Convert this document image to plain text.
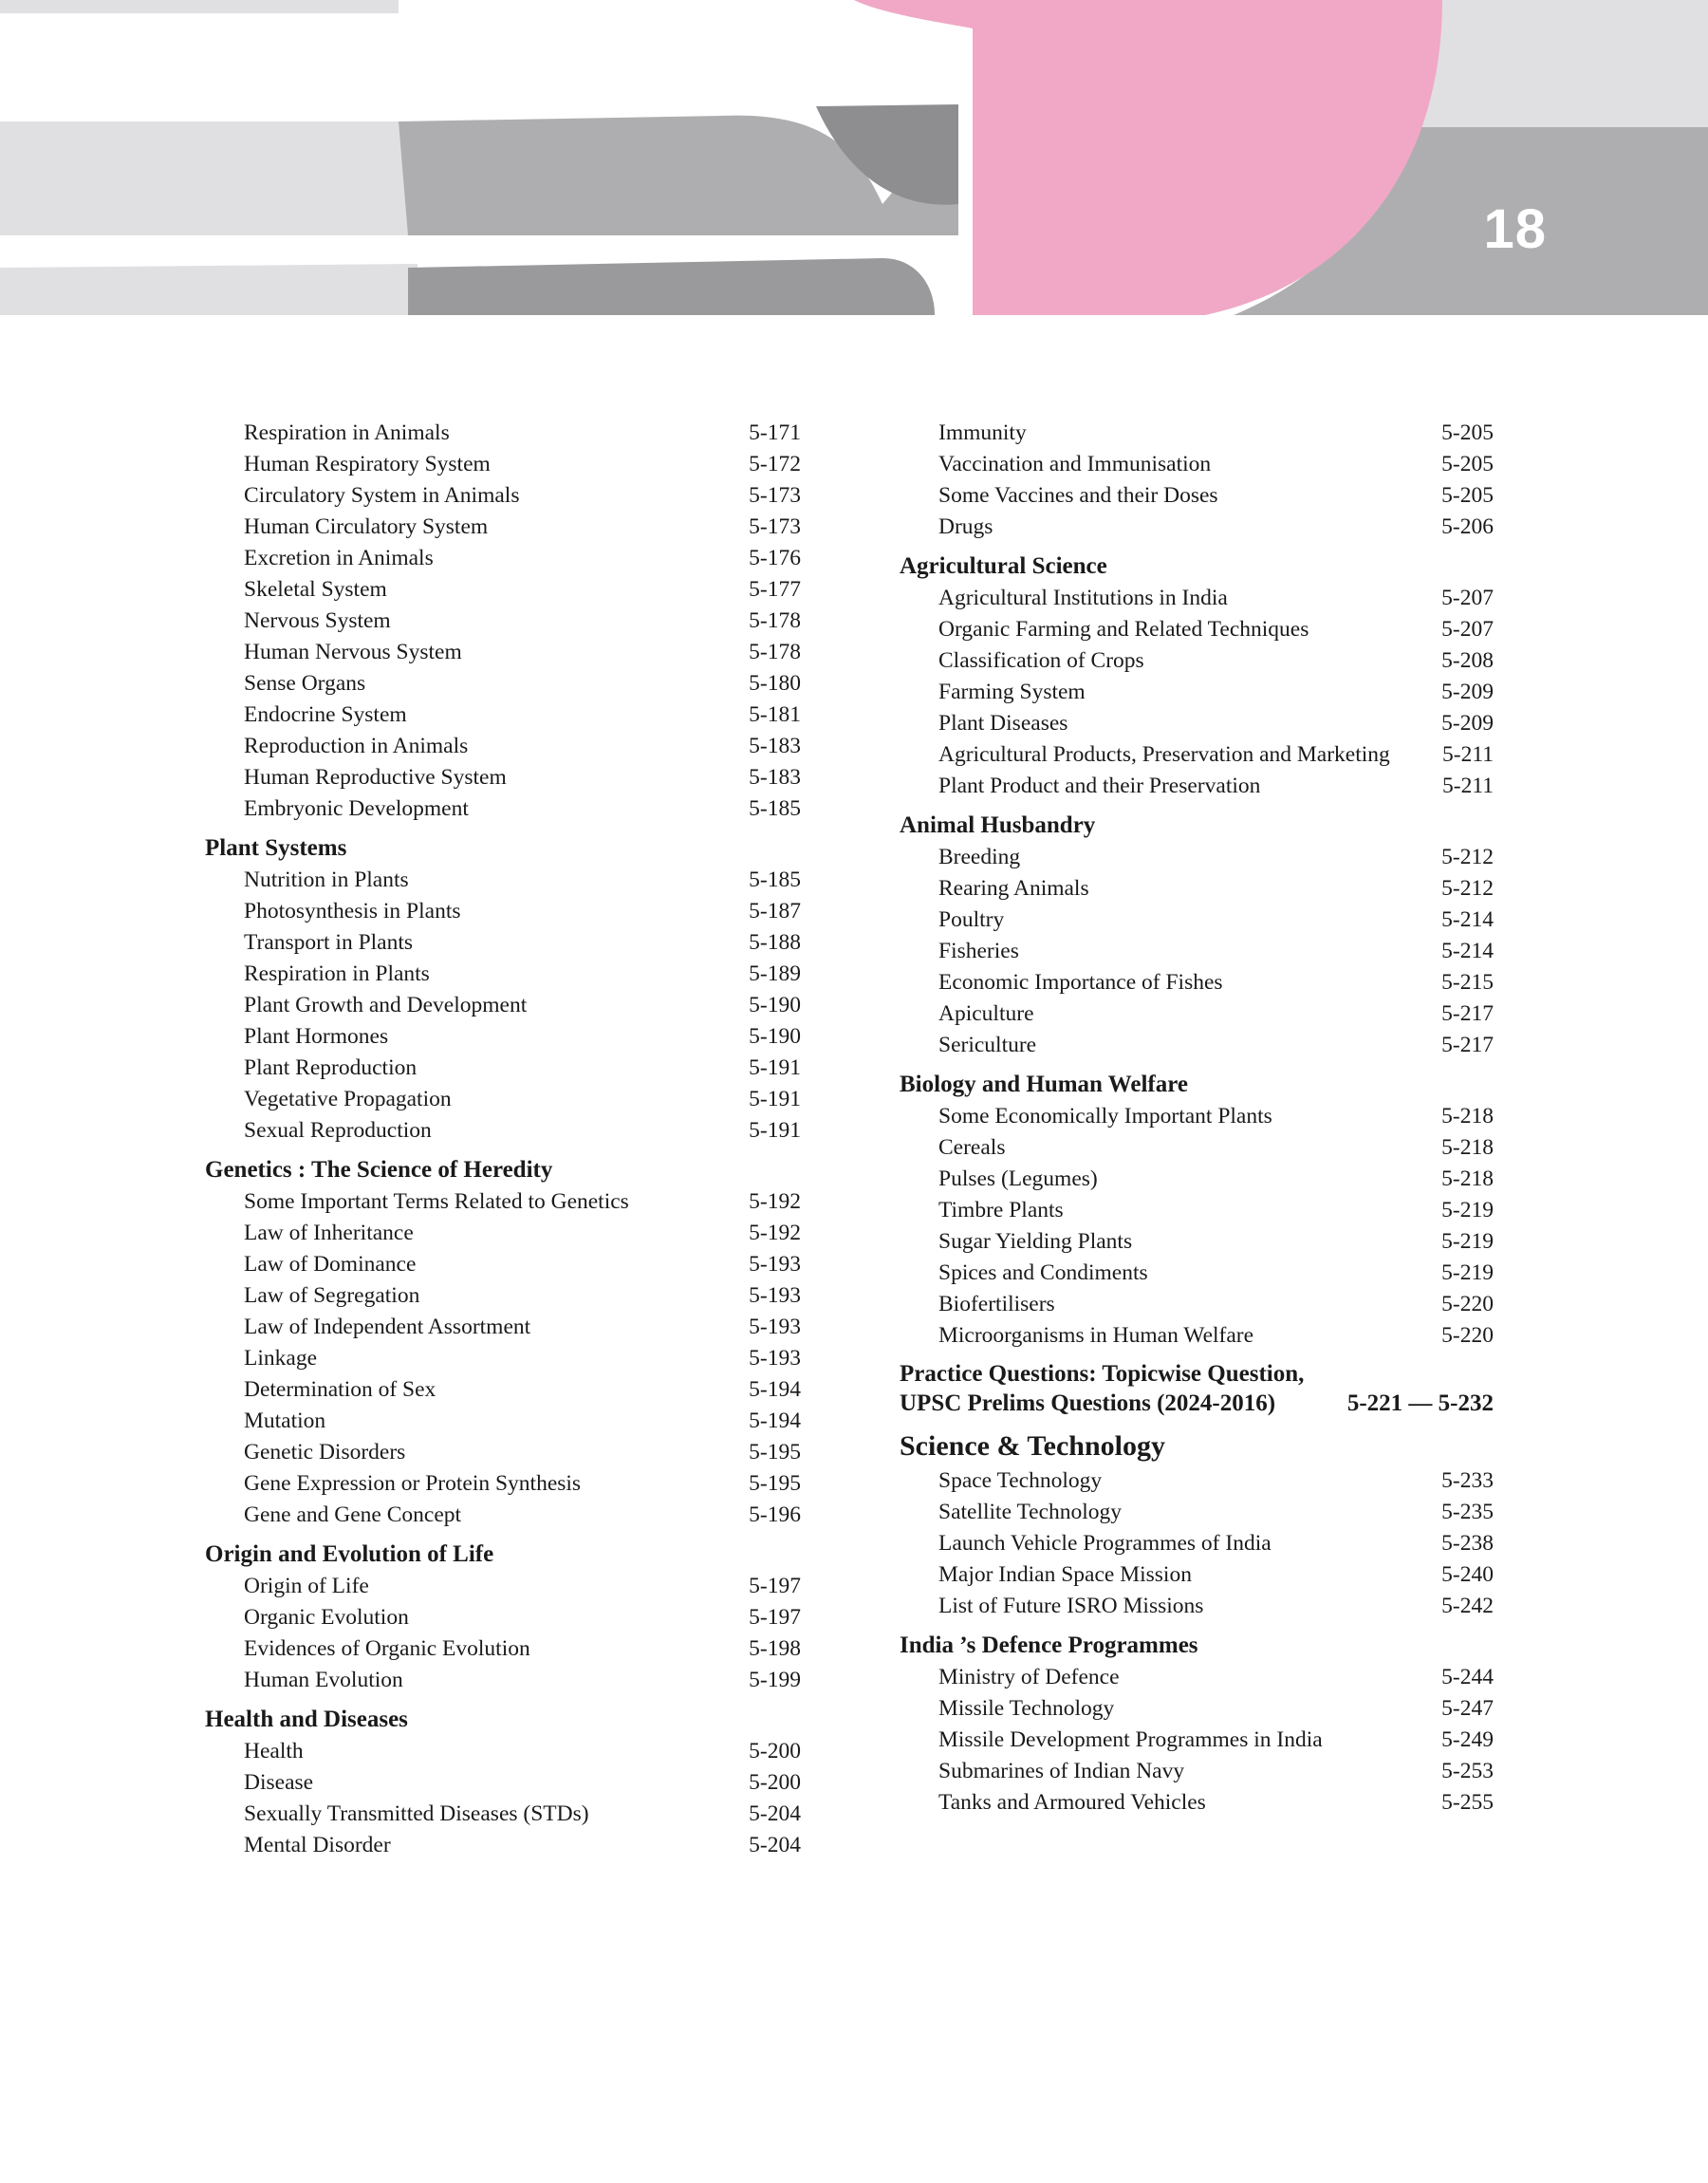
18
Respiration in Animals	5-171
Human Respiratory System	5-172
Circulatory System in Animals	5-173
Human Circulatory System	5-173
Excretion in Animals	5-176
Skeletal System	5-177
Nervous System	5-178
Human Nervous System	5-178
Sense Organs	5-180
Endocrine System	5-181
Reproduction in Animals	5-183
Human Reproductive System	5-183
Embryonic Development	5-185
Plant Systems
Nutrition in Plants	5-185
Photosynthesis in Plants	5-187
Transport in Plants	5-188
Respiration in Plants	5-189
Plant Growth and Development	5-190
Plant Hormones	5-190
Plant Reproduction	5-191
Vegetative Propagation	5-191
Sexual Reproduction	5-191
Genetics : The Science of Heredity
Some Important Terms Related to Genetics	5-192
Law of Inheritance	5-192
Law of Dominance	5-193
Law of Segregation	5-193
Law of Independent Assortment	5-193
Linkage	5-193
Determination of Sex	5-194
Mutation	5-194
Genetic Disorders	5-195
Gene Expression or Protein Synthesis	5-195
Gene and Gene Concept	5-196
Origin and Evolution of Life
Origin of Life	5-197
Organic Evolution	5-197
Evidences of Organic Evolution	5-198
Human Evolution	5-199
Health and Diseases
Health	5-200
Disease	5-200
Sexually Transmitted Diseases (STDs)	5-204
Mental Disorder	5-204
Immunity	5-205
Vaccination and Immunisation	5-205
Some Vaccines and their Doses	5-205
Drugs	5-206
Agricultural Science
Agricultural Institutions in India	5-207
Organic Farming and Related Techniques	5-207
Classification of Crops	5-208
Farming System	5-209
Plant Diseases	5-209
Agricultural Products, Preservation and Marketing 5-211
Plant Product and their Preservation	5-211
Animal Husbandry
Breeding	5-212
Rearing Animals	5-212
Poultry	5-214
Fisheries	5-214
Economic Importance of Fishes	5-215
Apiculture	5-217
Sericulture	5-217
Biology and Human Welfare
Some Economically Important Plants	5-218
Cereals	5-218
Pulses (Legumes)	5-218
Timbre Plants	5-219
Sugar Yielding Plants	5-219
Spices and Condiments	5-219
Biofertilisers	5-220
Microorganisms in Human Welfare	5-220
Practice Questions: Topicwise Question,
UPSC Prelims Questions (2024-2016)	5-221 — 5-232
Science & Technology
Space Technology	5-233
Satellite Technology	5-235
Launch Vehicle Programmes of India	5-238
Major Indian Space Mission	5-240
List of Future ISRO Missions	5-242
India ’s Defence Programmes
Ministry of Defence	5-244
Missile Technology	5-247
Missile Development Programmes in India	5-249
Submarines of Indian Navy	5-253
Tanks and Armoured Vehicles	5-255
